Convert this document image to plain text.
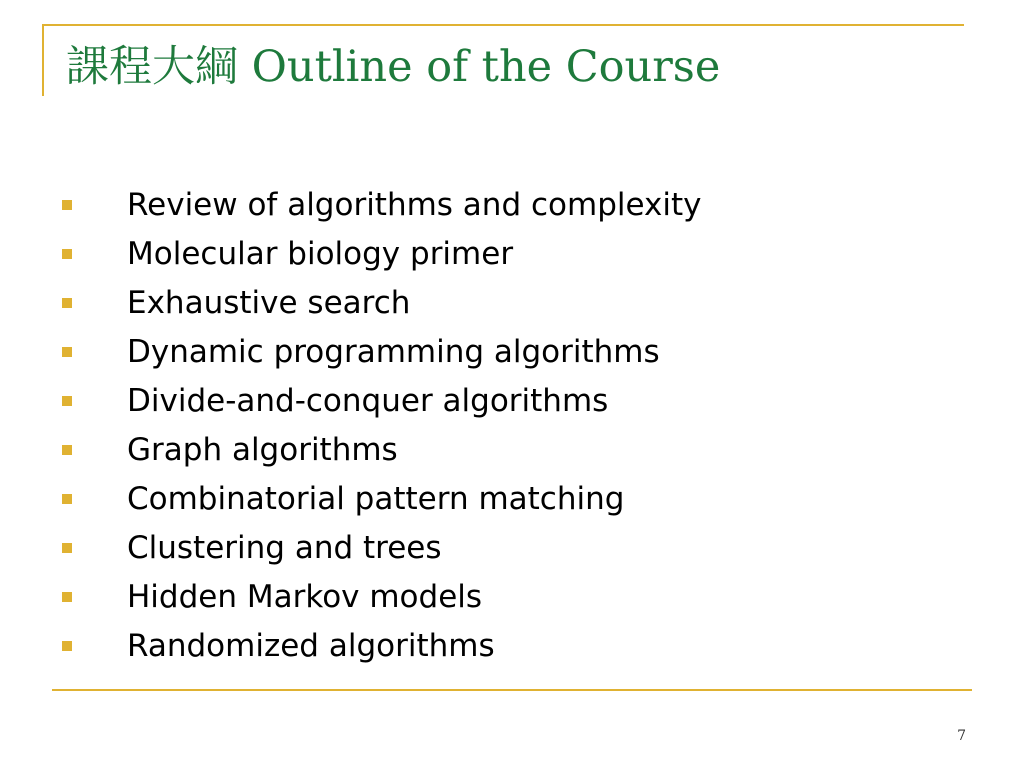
課程大綱 Outline of the Course
Review of algorithms and complexity
Molecular biology primer
Exhaustive search
Dynamic programming algorithms
Divide-and-conquer algorithms
Graph algorithms
Combinatorial pattern matching
Clustering and trees
Hidden Markov models
Randomized algorithms
7
